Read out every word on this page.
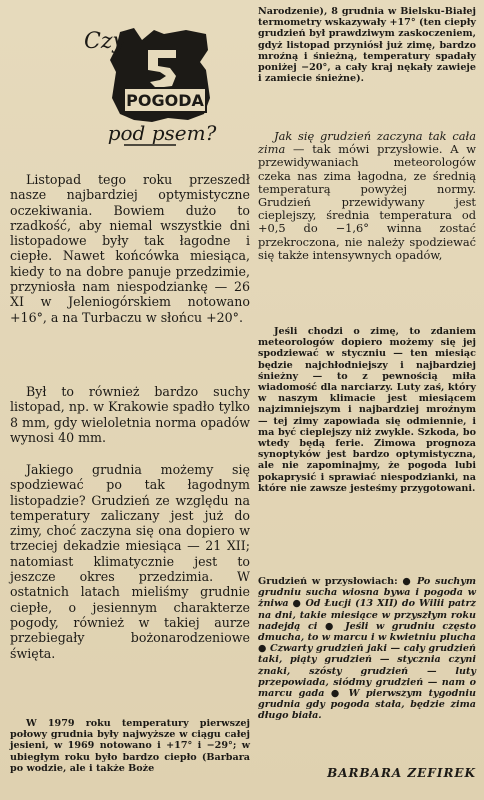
Czy
POGODA
pod psem?

Listopad tego roku przeszedł nasze najbardziej optymistyczne oczekiwania. Bowiem dużo to rzadkość, aby niemal wszystkie dni listopadowe były tak łagodne i ciepłe. Nawet końcówka miesiąca, kiedy to na dobre panuje przedzimie, przyniosła nam niespodziankę — 26 XI w Jeleniogórskiem notowano +16°, a na Turbaczu w słońcu +20°.

Był to również bardzo suchy listopad, np. w Krakowie spadło tylko 8 mm, gdy wieloletnia norma opadów wynosi 40 mm.

Jakiego grudnia możemy się spodziewać po tak łagodnym listopadzie? Grudzień ze względu na temperatury zaliczany jest już do zimy, choć zaczyna się ona dopiero w trzeciej dekadzie miesiąca — 21 XII; natomiast klimatycznie jest to jeszcze okres przedzimia. W ostatnich latach mieliśmy grudnie ciepłe, o jesiennym charakterze pogody, również w takiej aurze przebiegały bożonarodzeniowe święta.

W 1979 roku temperatury pierwszej połowy grudnia były najwyższe w ciągu całej jesieni, w 1969 notowano i +17° i −29°; w ubiegłym roku było bardzo ciepło (Barbara po wodzie, ale i także Boże

Narodzenie), 8 grudnia w Bielsku-Białej termometry wskazywały +17° (ten ciepły grudzień był prawdziwym zaskoczeniem, gdyż listopad przyniósł już zimę, bardzo mroźną i śnieżną, temperatury spadały poniżej −20°, a cały kraj nękały zawieje i zamiecie śnieżne).

Jak się grudzień zaczyna tak cała zima — tak mówi przysłowie. A w przewidywaniach meteorologów czeka nas zima łagodna, ze średnią temperaturą powyżej normy. Grudzień przewidywany jest cieplejszy, średnia temperatura od +0,5 do −1,6° winna zostać przekroczona, nie należy spodziewać się także intensywnych opadów,

Jeśli chodzi o zimę, to zdaniem meteorologów dopiero możemy się jej spodziewać w styczniu — ten miesiąc będzie najchłodniejszy i najbardziej śnieżny — to z pewnością miła wiadomość dla narciarzy. Luty zaś, który w naszym klimacie jest miesiącem najzimniejszym i najbardziej mroźnym — tej zimy zapowiada się odmiennie, i ma być cieplejszy niż zwykle. Szkoda, bo wtedy będą ferie. Zimowa prognoza synoptyków jest bardzo optymistyczna, ale nie zapominajmy, że pogoda lubi pokaprysić i sprawiać niespodzianki, na które nie zawsze jesteśmy przygotowani.

Grudzień w przysłowiach: ● Po suchym grudniu sucha wiosna bywa i pogoda w żniwa ● Od Łucji (13 XII) do Wilii patrz na dni, takie miesiące w przyszłym roku nadejdą ci ● Jeśli w grudniu często dmucha, to w marcu i w kwietniu plucha ● Czwarty grudzień jaki — cały grudzień taki, piąty grudzień — stycznia czyni znaki, szósty grudzień — luty przepowiada, siódmy grudzień — nam o marcu gada ● W pierwszym tygodniu grudnia gdy pogoda stała, będzie zima długo biała.

BARBARA ZEFIREK
